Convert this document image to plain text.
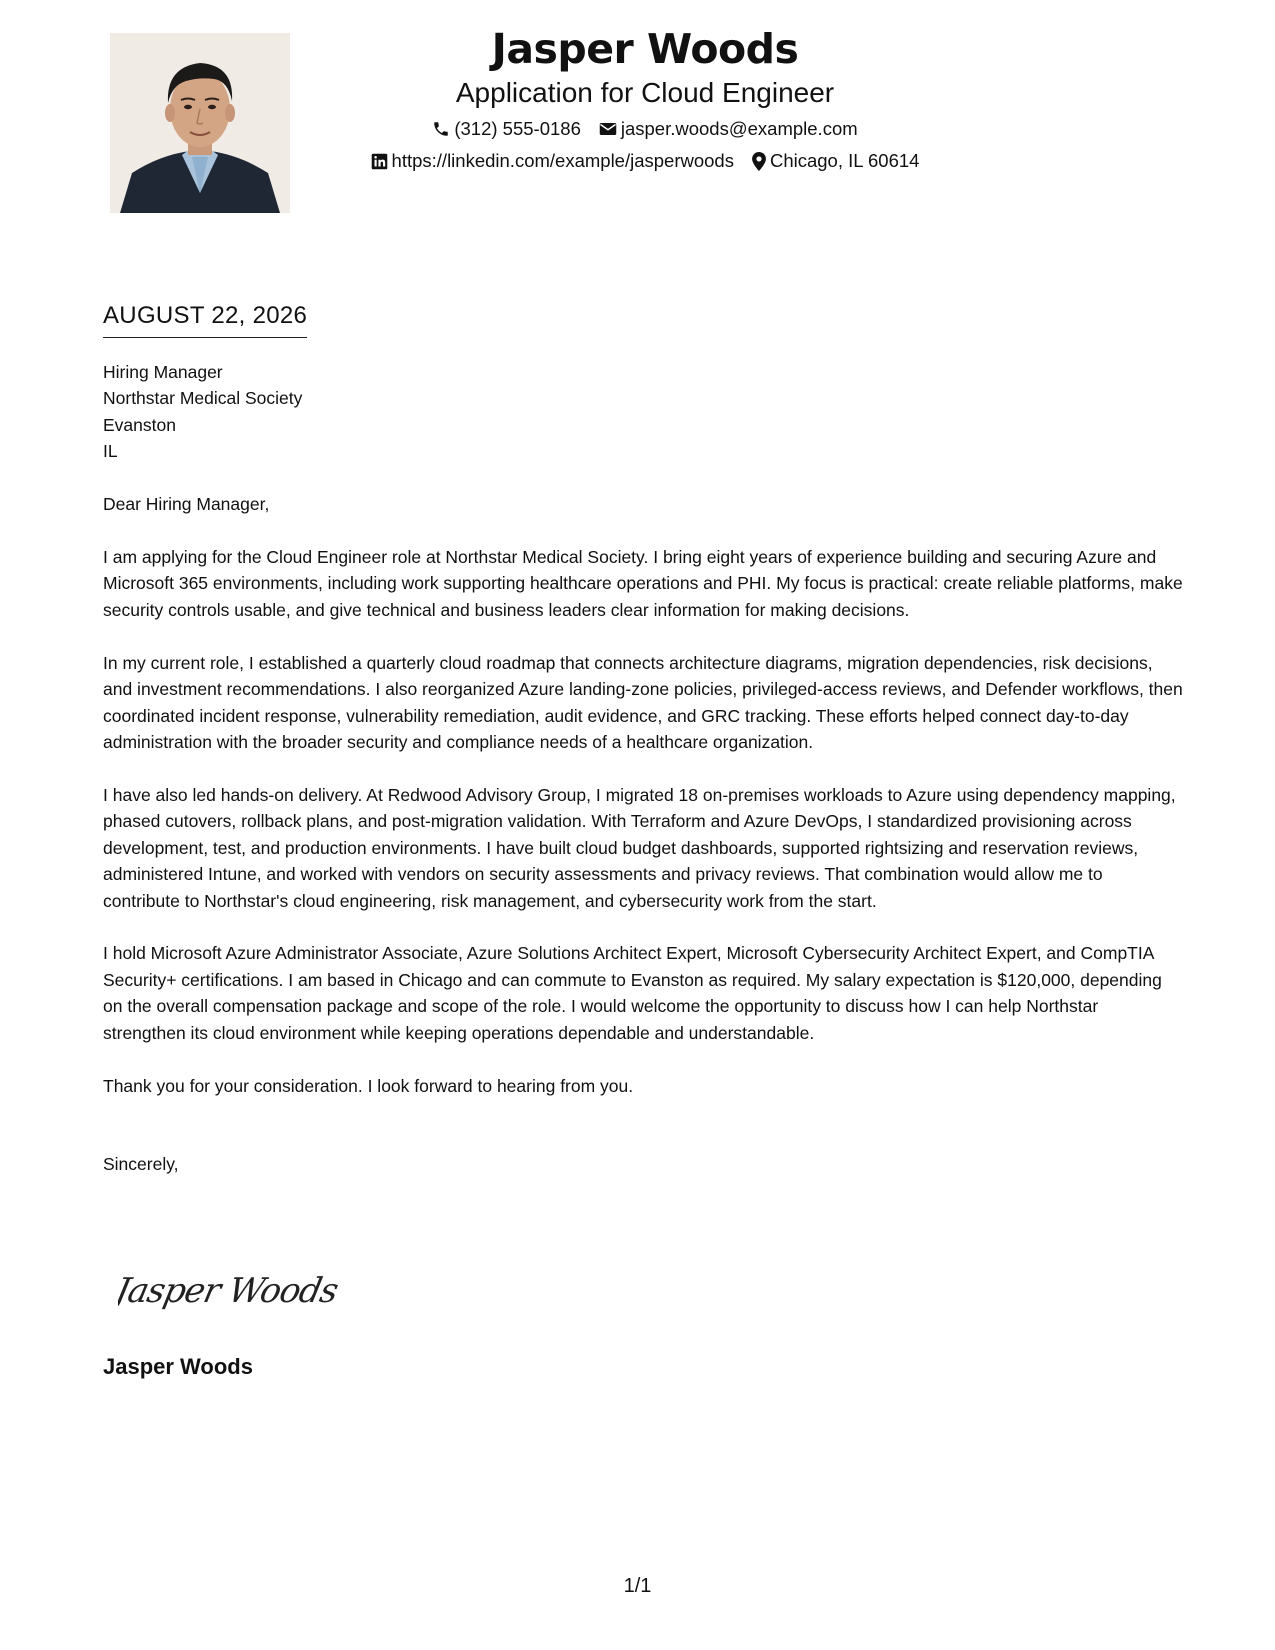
Jasper Woods
Application for Cloud Engineer
(312) 555-0186 jasper.woods@example.com
https://linkedin.com/example/jasperwoods Chicago, IL 60614
AUGUST 22, 2026
Hiring Manager
Northstar Medical Society
Evanston
IL

Dear Hiring Manager,

I am applying for the Cloud Engineer role at Northstar Medical Society. I bring eight years of experience building and securing Azure and Microsoft 365 environments, including work supporting healthcare operations and PHI. My focus is practical: create reliable platforms, make security controls usable, and give technical and business leaders clear information for making decisions.

In my current role, I established a quarterly cloud roadmap that connects architecture diagrams, migration dependencies, risk decisions, and investment recommendations. I also reorganized Azure landing-zone policies, privileged-access reviews, and Defender workflows, then coordinated incident response, vulnerability remediation, audit evidence, and GRC tracking. These efforts helped connect day-to-day administration with the broader security and compliance needs of a healthcare organization.

I have also led hands-on delivery. At Redwood Advisory Group, I migrated 18 on-premises workloads to Azure using dependency mapping, phased cutovers, rollback plans, and post-migration validation. With Terraform and Azure DevOps, I standardized provisioning across development, test, and production environments. I have built cloud budget dashboards, supported rightsizing and reservation reviews, administered Intune, and worked with vendors on security assessments and privacy reviews. That combination would allow me to contribute to Northstar's cloud engineering, risk management, and cybersecurity work from the start.

I hold Microsoft Azure Administrator Associate, Azure Solutions Architect Expert, Microsoft Cybersecurity Architect Expert, and CompTIA Security+ certifications. I am based in Chicago and can commute to Evanston as required. My salary expectation is $120,000, depending on the overall compensation package and scope of the role. I would welcome the opportunity to discuss how I can help Northstar strengthen its cloud environment while keeping operations dependable and understandable.

Thank you for your consideration. I look forward to hearing from you.

Sincerely,

Jasper Woods
Jasper Woods
1/1
